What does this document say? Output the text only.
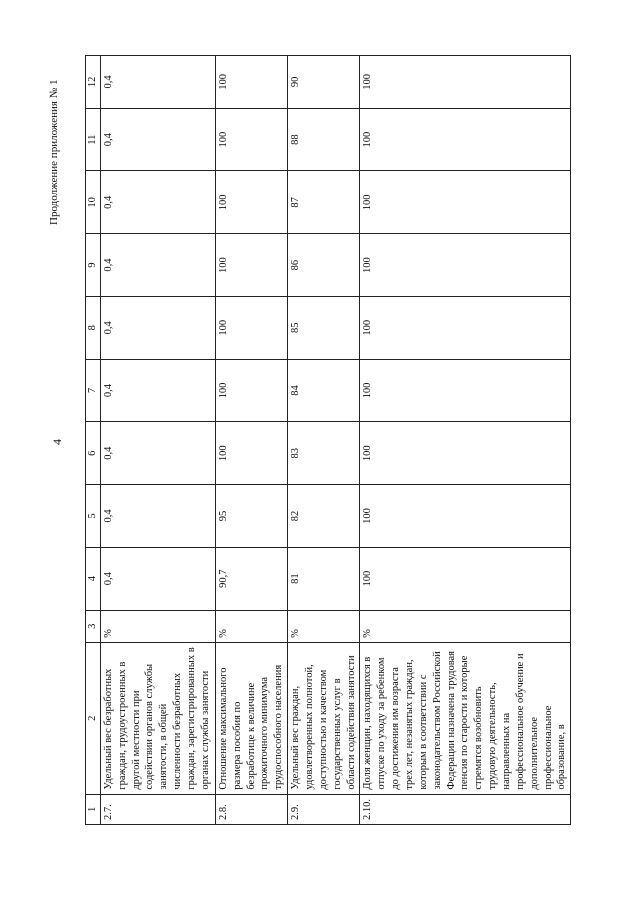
4
Продолжение приложения № 1
1	2	3	4	5	6	7	8	9	10	11	12
2.7.	Удельный вес безработных граждан, трудоустроенных в другой местности при содействии органов службы занятости, в общей численности безработных граждан, зарегистрированных в органах службы занятости	%	0,4	0,4	0,4	0,4	0,4	0,4	0,4	0,4	0,4
2.8.	Отношение максимального размера пособия по безработице к величине прожиточного минимума трудоспособного населения	%	90,7	95	100	100	100	100	100	100	100
2.9.	Удельный вес граждан, удовлетворенных полнотой, доступностью и качеством государственных услуг в области содействия занятости	%	81	82	83	84	85	86	87	88	90
2.10.	Доля женщин, находящихся в отпуске по уходу за ребенком до достижения им возраста трех лет, незанятых граждан, которым в соответствии с законодательством Российской Федерации назначена трудовая пенсия по старости и которые стремятся возобновить трудовую деятельность, направленных на профессиональное обучение и дополнительное профессиональное образование, в	%	100	100	100	100	100	100	100	100	100
